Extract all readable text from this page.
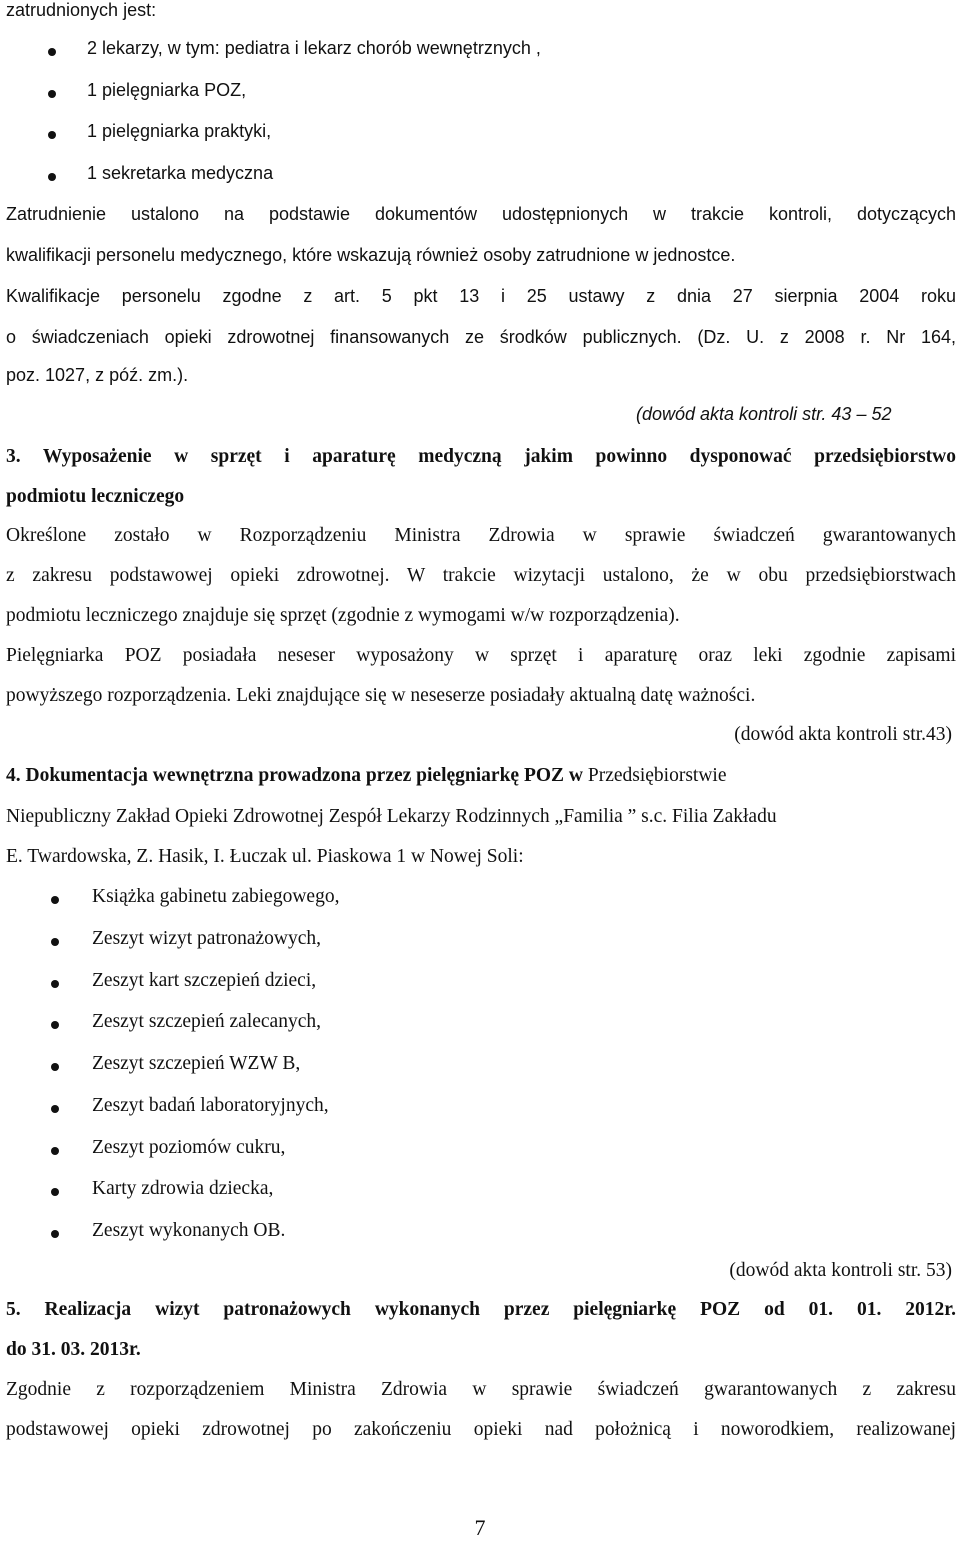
zatrudnionych jest:
2 lekarzy, w tym: pediatra i lekarz chorób wewnętrznych ,
1 pielęgniarka POZ,
1 pielęgniarka praktyki,
1 sekretarka medyczna
Zatrudnienie ustalono na podstawie dokumentów udostępnionych w trakcie kontroli, dotyczących
kwalifikacji personelu medycznego, które wskazują również osoby zatrudnione w jednostce.
Kwalifikacje personelu zgodne z art. 5 pkt 13 i 25 ustawy z dnia 27 sierpnia 2004 roku
o świadczeniach opieki zdrowotnej finansowanych ze środków publicznych. (Dz. U. z 2008 r. Nr 164,
poz. 1027, z póź. zm.).
(dowód akta kontroli str. 43 – 52
3. Wyposażenie w sprzęt i aparaturę medyczną jakim powinno dysponować przedsiębiorstwo
podmiotu leczniczego
Określone zostało w Rozporządzeniu Ministra Zdrowia w sprawie świadczeń gwarantowanych
z zakresu podstawowej opieki zdrowotnej. W trakcie wizytacji ustalono, że w obu przedsiębiorstwach
podmiotu leczniczego znajduje się sprzęt (zgodnie z wymogami w/w rozporządzenia).
Pielęgniarka POZ posiadała neseser wyposażony w sprzęt i aparaturę oraz leki zgodnie zapisami
powyższego rozporządzenia. Leki znajdujące się w neseserze posiadały aktualną datę ważności.
(dowód akta kontroli str.43)
4. Dokumentacja wewnętrzna prowadzona przez pielęgniarkę POZ w Przedsiębiorstwie
Niepubliczny Zakład Opieki Zdrowotnej Zespół Lekarzy Rodzinnych „Familia ” s.c. Filia Zakładu
E. Twardowska, Z. Hasik, I. Łuczak ul. Piaskowa 1 w Nowej Soli:
Książka gabinetu zabiegowego,
Zeszyt wizyt patronażowych,
Zeszyt kart szczepień dzieci,
Zeszyt szczepień zalecanych,
Zeszyt szczepień WZW B,
Zeszyt badań laboratoryjnych,
Zeszyt poziomów cukru,
Karty zdrowia dziecka,
Zeszyt wykonanych OB.
(dowód akta kontroli str. 53)
5. Realizacja wizyt patronażowych wykonanych przez pielęgniarkę POZ od 01. 01. 2012r.
do 31. 03. 2013r.
Zgodnie z rozporządzeniem Ministra Zdrowia w sprawie świadczeń gwarantowanych z zakresu
podstawowej opieki zdrowotnej po zakończeniu opieki nad położnicą i noworodkiem, realizowanej
7
